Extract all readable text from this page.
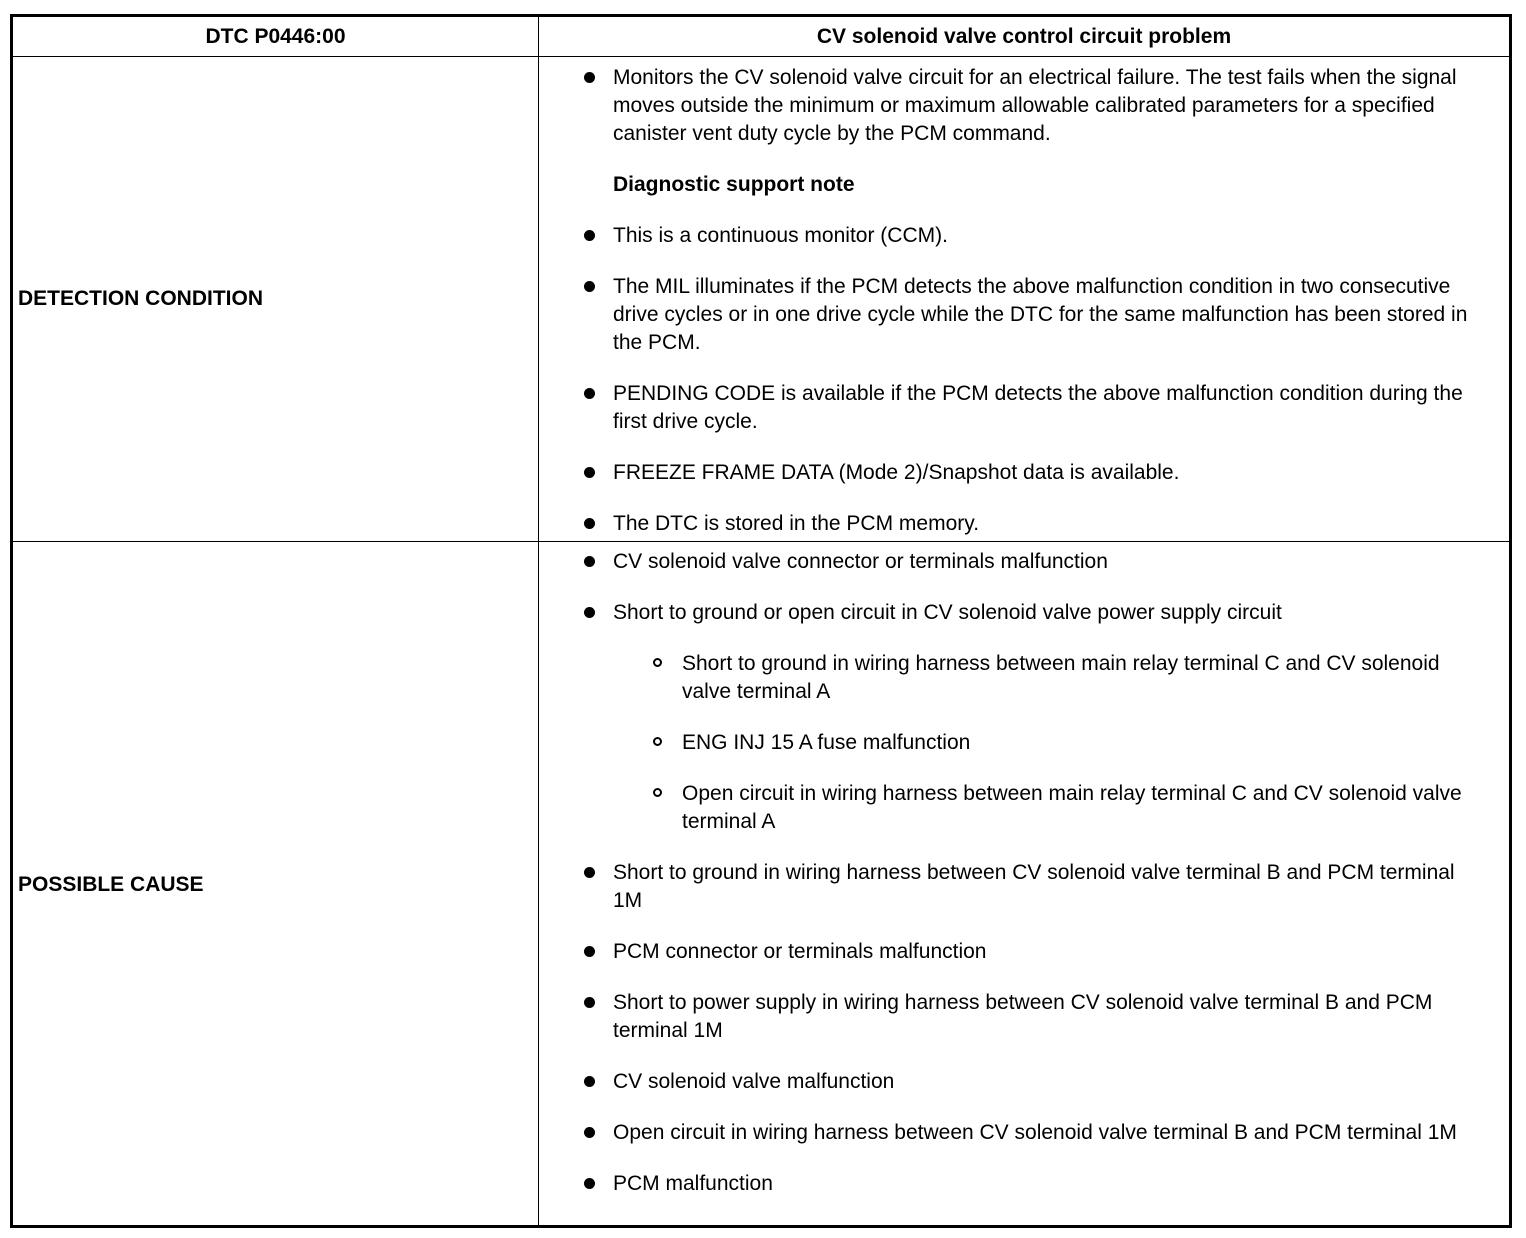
DTC P0446:00	CV solenoid valve control circuit problem
DETECTION CONDITION
Monitors the CV solenoid valve circuit for an electrical failure. The test fails when the signal moves outside the minimum or maximum allowable calibrated parameters for a specified canister vent duty cycle by the PCM command.
Diagnostic support note
This is a continuous monitor (CCM).
The MIL illuminates if the PCM detects the above malfunction condition in two consecutive drive cycles or in one drive cycle while the DTC for the same malfunction has been stored in the PCM.
PENDING CODE is available if the PCM detects the above malfunction condition during the first drive cycle.
FREEZE FRAME DATA (Mode 2)/Snapshot data is available.
The DTC is stored in the PCM memory.
POSSIBLE CAUSE
CV solenoid valve connector or terminals malfunction
Short to ground or open circuit in CV solenoid valve power supply circuit
Short to ground in wiring harness between main relay terminal C and CV solenoid valve terminal A
ENG INJ 15 A fuse malfunction
Open circuit in wiring harness between main relay terminal C and CV solenoid valve terminal A
Short to ground in wiring harness between CV solenoid valve terminal B and PCM terminal 1M
PCM connector or terminals malfunction
Short to power supply in wiring harness between CV solenoid valve terminal B and PCM terminal 1M
CV solenoid valve malfunction
Open circuit in wiring harness between CV solenoid valve terminal B and PCM terminal 1M
PCM malfunction
